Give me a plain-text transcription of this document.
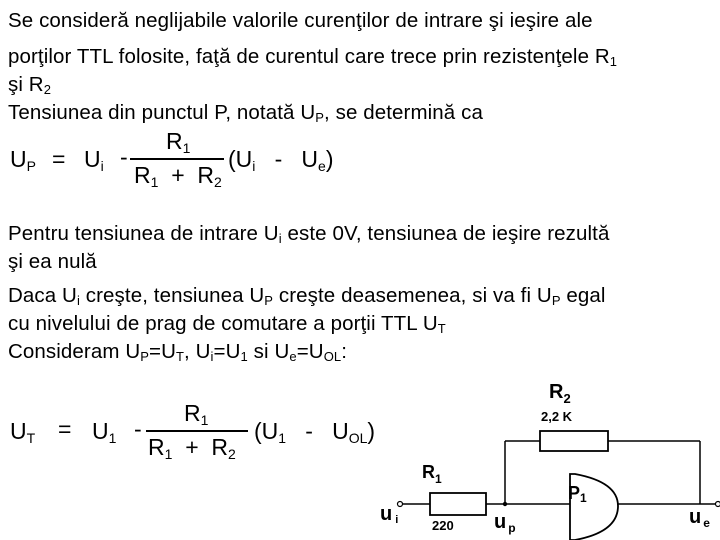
Se consideră neglijabile valorile curenţilor de intrare şi ieşire ale
porţilor TTL folosite, faţă de curentul care trece prin rezistenţele $R_1$
şi $R_2$
Tensiunea din punctul P, notată $U_P$, se determină ca
UP = Ui -
R1
R1 + R2
(Ui - Ue)
Pentru tensiunea de intrare $U_i$ este 0V, tensiunea de ieşire rezultă
şi ea nulă
Daca $U_i$ creşte, tensiunea $U_P$ creşte deasemenea, si va fi $U_P$ egal
cu nivelului de prag de comutare a porţii TTL $U_T$
Consideram $U_P=U_T$, $U_i=U_1$ si $U_e=U_{OL}$:
UT = U1 -
R1
R1 + R2
(U1 - UOL)
$R_2$
2,2 K
$R_1$
220
ui	u $_p$	u $_e$
P1
